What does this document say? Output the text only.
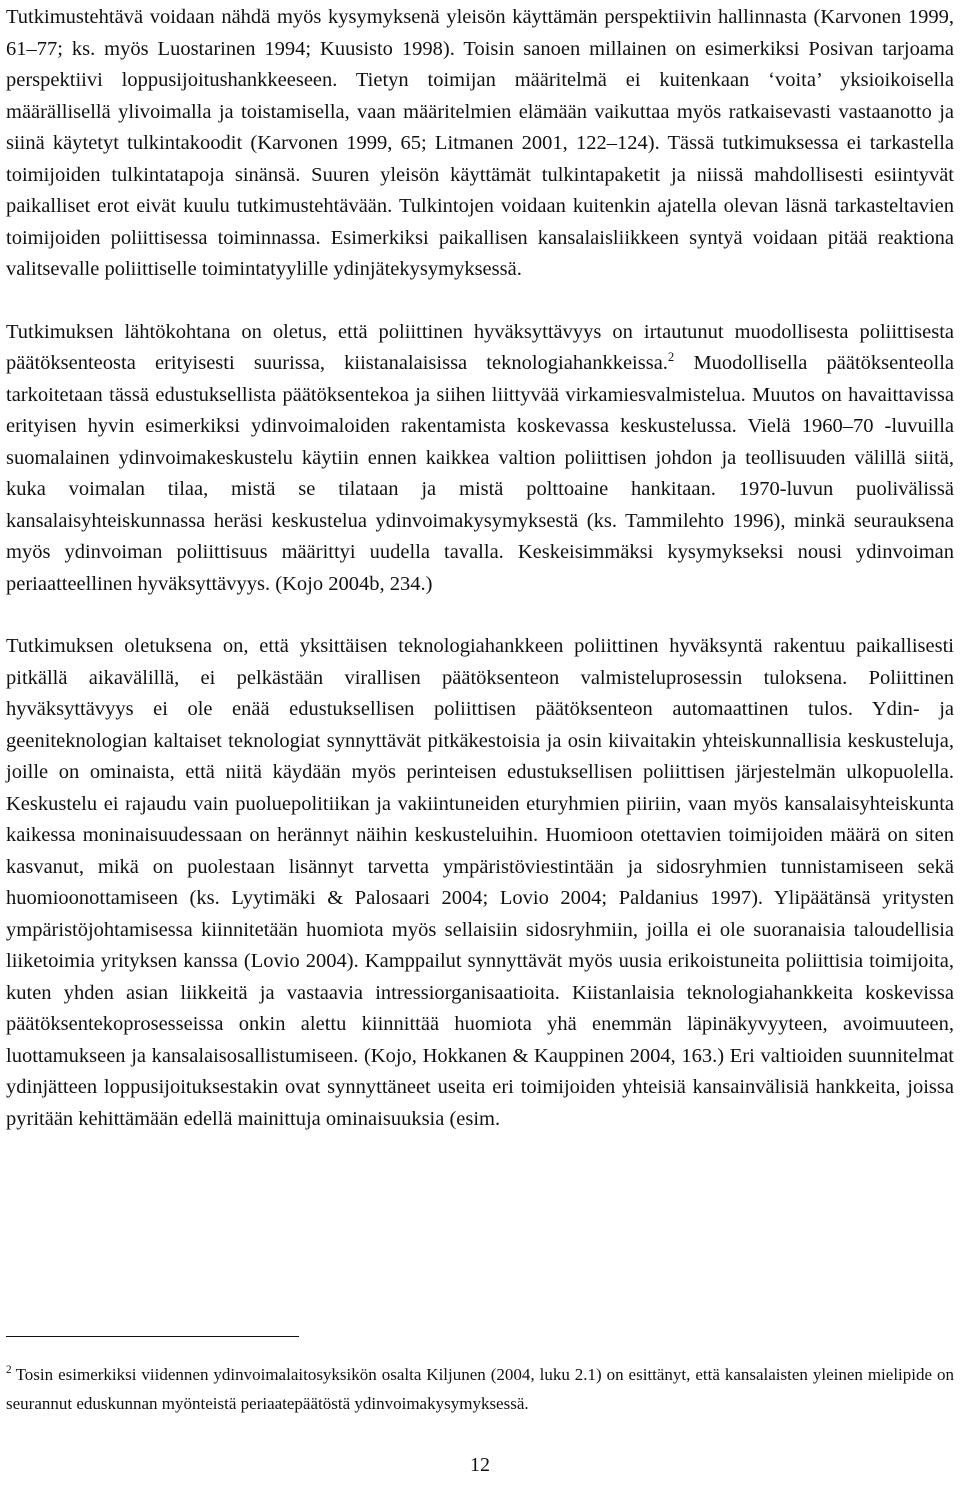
Tutkimustehtävä voidaan nähdä myös kysymyksenä yleisön käyttämän perspektiivin hallinnasta (Karvonen 1999, 61–77; ks. myös Luostarinen 1994; Kuusisto 1998). Toisin sanoen millainen on esimerkiksi Posivan tarjoama perspektiivi loppusijoitushankkeeseen. Tietyn toimijan määritelmä ei kuitenkaan ‘voita’ yksioikoisella määrällisellä ylivoimalla ja toistamisella, vaan määritelmien elämään vaikuttaa myös ratkaisevasti vastaanotto ja siinä käytetyt tulkintakoodit (Karvonen 1999, 65; Litmanen 2001, 122–124). Tässä tutkimuksessa ei tarkastella toimijoiden tulkintatapoja sinänsä. Suuren yleisön käyttämät tulkintapaketit ja niissä mahdollisesti esiintyvät paikalliset erot eivät kuulu tutkimustehtävään. Tulkintojen voidaan kuitenkin ajatella olevan läsnä tarkasteltavien toimijoiden poliittisessa toiminnassa. Esimerkiksi paikallisen kansalaisliikkeen syntyä voidaan pitää reaktiona valitsevalle poliittiselle toimintatyylille ydinjätekysymyksessä.

Tutkimuksen lähtökohtana on oletus, että poliittinen hyväksyttävyys on irtautunut muodollisesta poliittisesta päätöksenteosta erityisesti suurissa, kiistanalaisissa teknologiahankkeissa.$^2$ Muodollisella päätöksenteolla tarkoitetaan tässä edustuksellista päätöksentekoa ja siihen liittyvää virkamiesvalmistelua. Muutos on havaittavissa erityisen hyvin esimerkiksi ydinvoimaloiden rakentamista koskevassa keskustelussa. Vielä 1960–70 -luvuilla suomalainen ydinvoimakeskustelu käytiin ennen kaikkea valtion poliittisen johdon ja teollisuuden välillä siitä, kuka voimalan tilaa, mistä se tilataan ja mistä polttoaine hankitaan. 1970-luvun puolivälissä kansalaisyhteiskunnassa heräsi keskustelua ydinvoimakysymyksestä (ks. Tammilehto 1996), minkä seurauksena myös ydinvoiman poliittisuus määrittyi uudella tavalla. Keskeisimmäksi kysymykseksi nousi ydinvoiman periaatteellinen hyväksyttävyys. (Kojo 2004b, 234.)

Tutkimuksen oletuksena on, että yksittäisen teknologiahankkeen poliittinen hyväksyntä rakentuu paikallisesti pitkällä aikavälillä, ei pelkästään virallisen päätöksenteon valmisteluprosessin tuloksena. Poliittinen hyväksyttävyys ei ole enää edustuksellisen poliittisen päätöksenteon automaattinen tulos. Ydin- ja geeniteknologian kaltaiset teknologiat synnyttävät pitkäkestoisia ja osin kiivaitakin yhteiskunnallisia keskusteluja, joille on ominaista, että niitä käydään myös perinteisen edustuksellisen poliittisen järjestelmän ulkopuolella. Keskustelu ei rajaudu vain puoluepolitiikan ja vakiintuneiden eturyhmien piiriin, vaan myös kansalaisyhteiskunta kaikessa moninaisuudessaan on herännyt näihin keskusteluihin. Huomioon otettavien toimijoiden määrä on siten kasvanut, mikä on puolestaan lisännyt tarvetta ympäristöviestintään ja sidosryhmien tunnistamiseen sekä huomioonottamiseen (ks. Lyytimäki & Palosaari 2004; Lovio 2004; Paldanius 1997). Ylipäätänsä yritysten ympäristöjohtamisessa kiinnitetään huomiota myös sellaisiin sidosryhmiin, joilla ei ole suoranaisia taloudellisia liiketoimia yrityksen kanssa (Lovio 2004). Kamppailut synnyttävät myös uusia erikoistuneita poliittisia toimijoita, kuten yhden asian liikkeitä ja vastaavia intressiorganisaatioita. Kiistanlaisia teknologiahankkeita koskevissa päätöksentekoprosesseissa onkin alettu kiinnittää huomiota yhä enemmän läpinäkyvyyteen, avoimuuteen, luottamukseen ja kansalaisosallistumiseen. (Kojo, Hokkanen & Kauppinen 2004, 163.) Eri valtioiden suunnitelmat ydinjätteen loppusijoituksestakin ovat synnyttäneet useita eri toimijoiden yhteisiä kansainvälisiä hankkeita, joissa pyritään kehittämään edellä mainittuja ominaisuuksia (esim.

$^2$ Tosin esimerkiksi viidennen ydinvoimalaitosyksikön osalta Kiljunen (2004, luku 2.1) on esittänyt, että kansalaisten yleinen mielipide on seurannut eduskunnan myönteistä periaatepäätöstä ydinvoimakysymyksessä.

12
